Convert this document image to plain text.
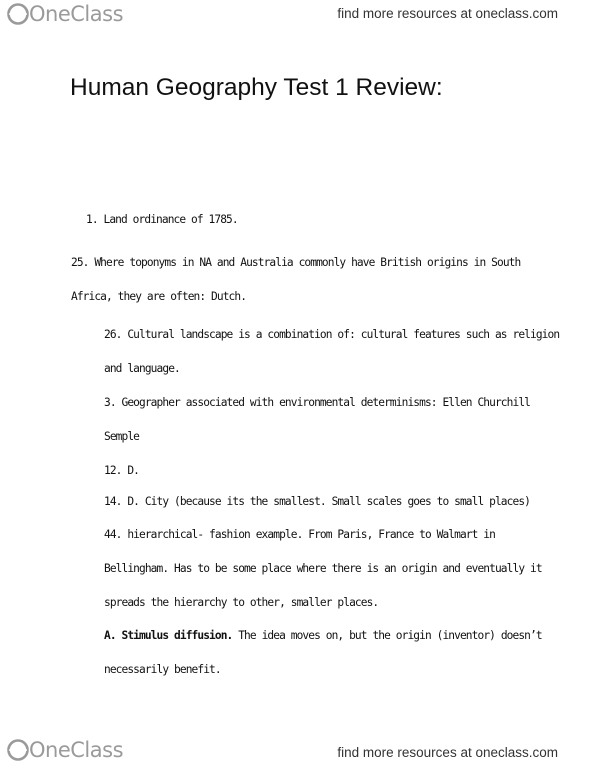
OneClass	find more resources at oneclass.com
Human Geography Test 1 Review:
1. Land ordinance of 1785.
25. Where toponyms in NA and Australia commonly have British origins in South
Africa, they are often: Dutch.
26. Cultural landscape is a combination of: cultural features such as religion
and language.
3. Geographer associated with environmental determinisms: Ellen Churchill
Semple
12. D.
14. D. City (because its the smallest. Small scales goes to small places)
44. hierarchical- fashion example. From Paris, France to Walmart in
Bellingham. Has to be some place where there is an origin and eventually it
spreads the hierarchy to other, smaller places.
A. Stimulus diffusion. The idea moves on, but the origin (inventor) doesn’t
necessarily benefit.
OneClass	find more resources at oneclass.com
